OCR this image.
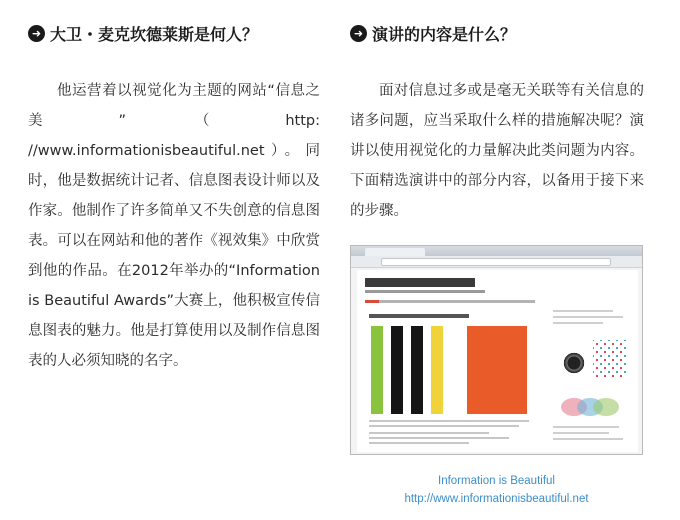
➜ 大卫・麦克坎德莱斯是何人？

他运营着以视觉化为主题的网站“信息之美”（http: //www.informationisbeautiful.net）。同时，他是数据统计记者、信息图表设计师以及作家。他制作了许多简单又不失创意的信息图表。可以在网站和他的著作《视效集》中欣赏到他的作品。在2012年举办的“Information is Beautiful Awards”大赛上，他积极宣传信息图表的魅力。他是打算使用以及制作信息图表的人必须知晓的名字。

➜ 演讲的内容是什么？

面对信息过多或是毫无关联等有关信息的诸多问题，应当采取什么样的措施解决呢？演讲以使用视觉化的力量解决此类问题为内容。下面精选演讲中的部分内容，以备用于接下来的步骤。

Information is Beautiful
http://www.informationisbeautiful.net
